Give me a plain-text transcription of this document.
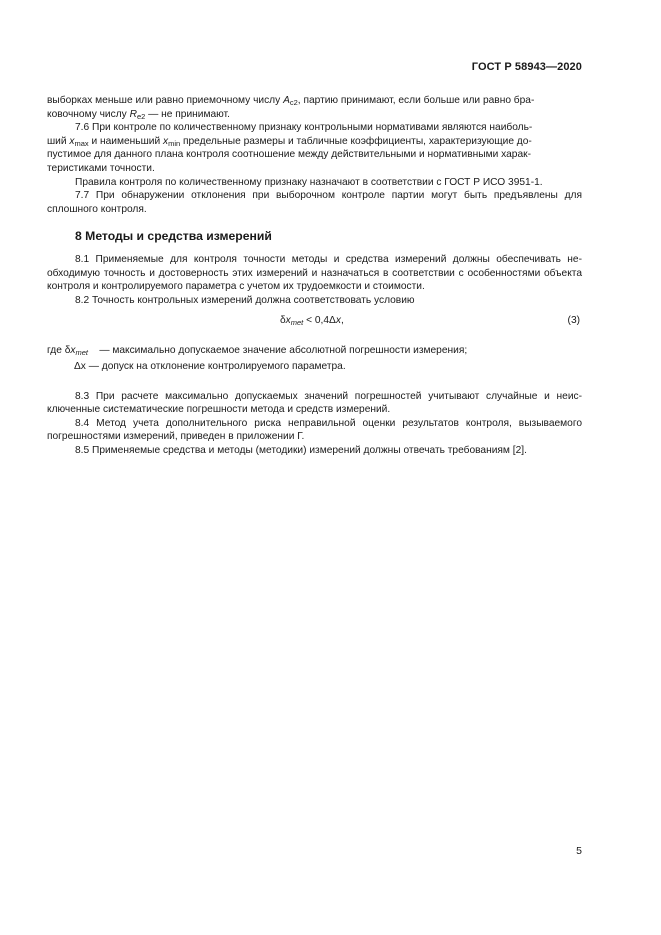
ГОСТ Р 58943—2020

выборках меньше или равно приемочному числу $A_{c2}$, партию принимают, если больше или равно бра-
ковочному числу $R_{e2}$ — не принимают.

7.6 При контроле по количественному признаку контрольными нормативами являются наиболь-
ший $x_{max}$ и наименьший $x_{min}$ предельные размеры и табличные коэффициенты, характеризующие до-
пустимое для данного плана контроля соотношение между действительными и нормативными харак-
теристиками точности.

Правила контроля по количественному признаку назначают в соответствии с ГОСТ Р ИСО 3951-1.

7.7 При обнаружении отклонения при выборочном контроле партии могут быть предъявлены для сплошного контроля.

8 Методы и средства измерений

8.1 Применяемые для контроля точности методы и средства измерений должны обеспечивать не-обходимую точность и достоверность этих измерений и назначаться в соответствии с особенностями объекта контроля и контролируемого параметра с учетом их трудоемкости и стоимости.

8.2 Точность контрольных измерений должна соответствовать условию

$\delta x_{met} < 0,4\Delta x$,	(3)

где $\delta x_{met}$ — максимально допускаемое значение абсолютной погрешности измерения;

Δx — допуск на отклонение контролируемого параметра.

8.3 При расчете максимально допускаемых значений погрешностей учитывают случайные и неис-ключенные систематические погрешности метода и средств измерений.

8.4 Метод учета дополнительного риска неправильной оценки результатов контроля, вызываемого погрешностями измерений, приведен в приложении Г.

8.5 Применяемые средства и методы (методики) измерений должны отвечать требованиям [2].

5
